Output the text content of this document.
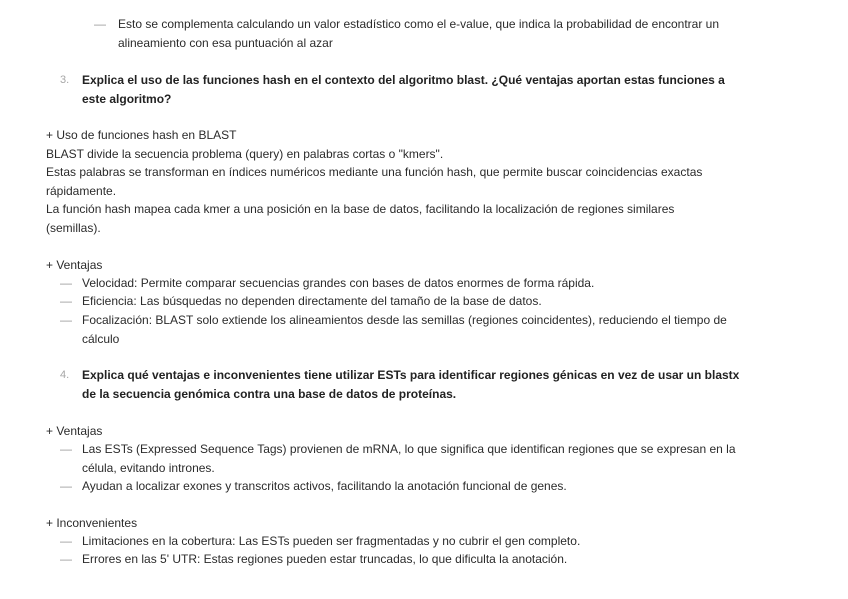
— Esto se complementa calculando un valor estadístico como el e-value, que indica la probabilidad de encontrar un
alineamiento con esa puntuación al azar
3. Explica el uso de las funciones hash en el contexto del algoritmo blast. ¿Qué ventajas aportan estas funciones a
este algoritmo?
+ Uso de funciones hash en BLAST
BLAST divide la secuencia problema (query) en palabras cortas o "kmers".
Estas palabras se transforman en índices numéricos mediante una función hash, que permite buscar coincidencias exactas
rápidamente.
La función hash mapea cada kmer a una posición en la base de datos, facilitando la localización de regiones similares
(semillas).
+ Ventajas
— Velocidad: Permite comparar secuencias grandes con bases de datos enormes de forma rápida.
— Eficiencia: Las búsquedas no dependen directamente del tamaño de la base de datos.
— Focalización: BLAST solo extiende los alineamientos desde las semillas (regiones coincidentes), reduciendo el tiempo de
cálculo
4. Explica qué ventajas e inconvenientes tiene utilizar ESTs para identificar regiones génicas en vez de usar un blastx
de la secuencia genómica contra una base de datos de proteínas.
+ Ventajas
— Las ESTs (Expressed Sequence Tags) provienen de mRNA, lo que significa que identifican regiones que se expresan en la
célula, evitando intrones.
— Ayudan a localizar exones y transcritos activos, facilitando la anotación funcional de genes.
+ Inconvenientes
— Limitaciones en la cobertura: Las ESTs pueden ser fragmentadas y no cubrir el gen completo.
— Errores en las 5' UTR: Estas regiones pueden estar truncadas, lo que dificulta la anotación.
